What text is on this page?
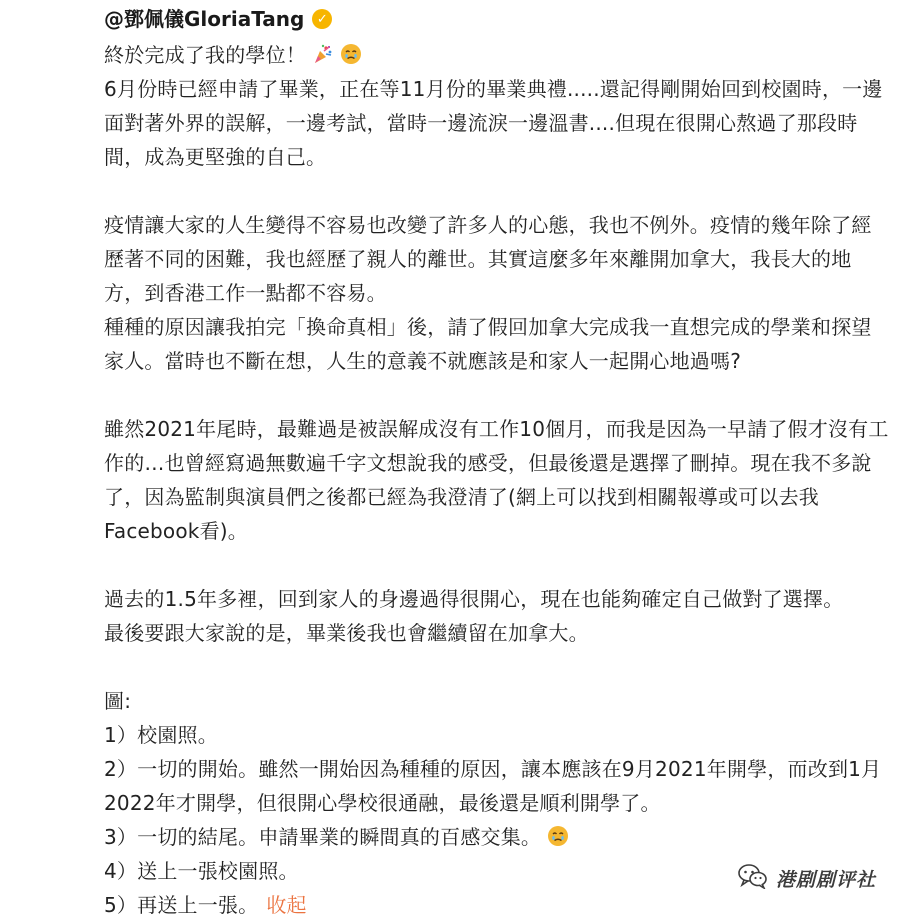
@鄧佩儀GloriaTang ✓
終於完成了我的學位！
6月份時已經申請了畢業，正在等11月份的畢業典禮.....還記得剛開始回到校園時，一邊
面對著外界的誤解，一邊考試，當時一邊流淚一邊溫書....但現在很開心熬過了那段時
間，成為更堅強的自己。
疫情讓大家的人生變得不容易也改變了許多人的心態，我也不例外。疫情的幾年除了經
歷著不同的困難，我也經歷了親人的離世。其實這麼多年來離開加拿大，我長大的地
方，到香港工作一點都不容易。
種種的原因讓我拍完「換命真相」後，請了假回加拿大完成我一直想完成的學業和探望
家人。當時也不斷在想，人生的意義不就應該是和家人一起開心地過嗎?
雖然2021年尾時，最難過是被誤解成沒有工作10個月，而我是因為一早請了假才沒有工
作的…也曾經寫過無數遍千字文想說我的感受，但最後還是選擇了刪掉。現在我不多說
了，因為監制與演員們之後都已經為我澄清了(網上可以找到相關報導或可以去我
Facebook看)。
過去的1.5年多裡，回到家人的身邊過得很開心，現在也能夠確定自己做對了選擇。
最後要跟大家說的是，畢業後我也會繼續留在加拿大。
圖:
1）校園照。
2）一切的開始。雖然一開始因為種種的原因，讓本應該在9月2021年開學，而改到1月
2022年才開學，但很開心學校很通融，最後還是順利開學了。
3）一切的結尾。申請畢業的瞬間真的百感交集。
4）送上一張校園照。
5）再送上一張。 收起
港剧剧评社
